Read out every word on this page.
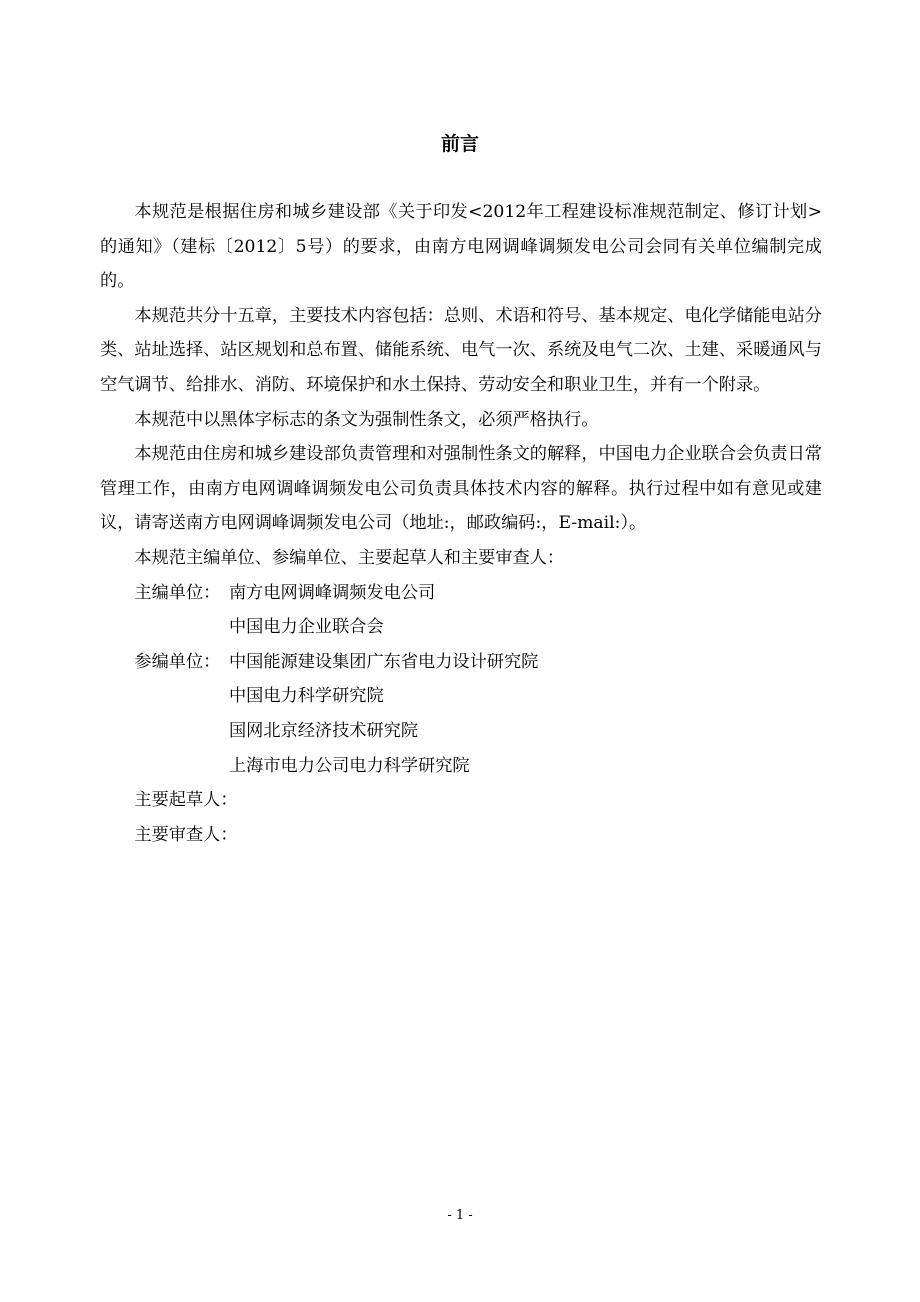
前言

本规范是根据住房和城乡建设部《关于印发<2012年工程建设标准规范制定、修订计划>的通知》（建标〔2012〕5号）的要求，由南方电网调峰调频发电公司会同有关单位编制完成的。

本规范共分十五章，主要技术内容包括：总则、术语和符号、基本规定、电化学储能电站分类、站址选择、站区规划和总布置、储能系统、电气一次、系统及电气二次、土建、采暖通风与空气调节、给排水、消防、环境保护和水土保持、劳动安全和职业卫生，并有一个附录。

本规范中以黑体字标志的条文为强制性条文，必须严格执行。

本规范由住房和城乡建设部负责管理和对强制性条文的解释，中国电力企业联合会负责日常管理工作，由南方电网调峰调频发电公司负责具体技术内容的解释。执行过程中如有意见或建议，请寄送南方电网调峰调频发电公司（地址:，邮政编码:，E-mail:）。

本规范主编单位、参编单位、主要起草人和主要审查人：

主编单位： 南方电网调峰调频发电公司
中国电力企业联合会
参编单位： 中国能源建设集团广东省电力设计研究院
中国电力科学研究院
国网北京经济技术研究院
上海市电力公司电力科学研究院

主要起草人：

主要审查人：

- 1 -
